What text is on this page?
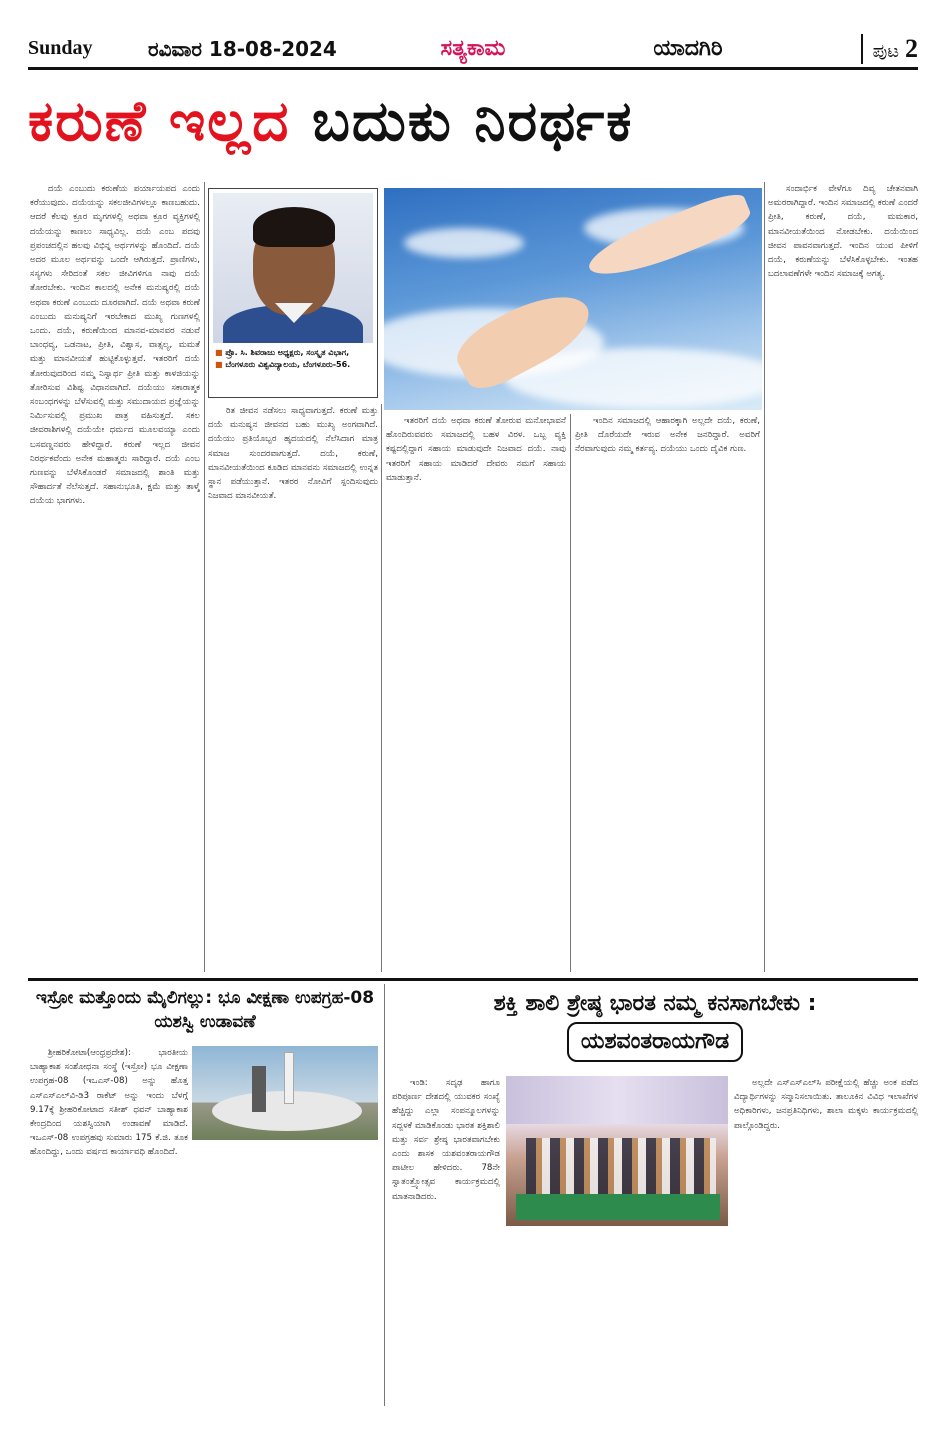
Sunday	ರವಿವಾರ 18-08-2024	ಸತ್ಯಕಾಮ	ಯಾದಗಿರಿ	ಪುಟ 2
ಕರುಣೆ ಇಲ್ಲದ ಬದುಕು ನಿರರ್ಥಕ

ದಯೆ ಎಂಬುದು ಕರುಣೆಯ ಪರ್ಯಾಯಪದ ಎಂದು ಕರೆಯುವುದು. ದಯೆಯನ್ನು ಸಕಲಜೀವಿಗಳಲ್ಲೂ ಕಾಣಬಹುದು. ಆದರೆ ಕೆಲವು ಕ್ರೂರ ಮೃಗಗಳಲ್ಲಿ ಅಥವಾ ಕ್ರೂರ ವ್ಯಕ್ತಿಗಳಲ್ಲಿ ದಯೆಯನ್ನು ಕಾಣಲು ಸಾಧ್ಯವಿಲ್ಲ. ದಯೆ ಎಂಬ ಪದವು ಪ್ರಪಂಚದಲ್ಲಿನ ಹಲವು ವಿಭಿನ್ನ ಅರ್ಥಗಳನ್ನು ಹೊಂದಿದೆ. ದಯೆ ಅದರ ಮೂಲ ಅರ್ಥವನ್ನು ಒಂದೇ ಆಗಿರುತ್ತದೆ. ಪ್ರಾಣಿಗಳು, ಸಸ್ಯಗಳು ಸೇರಿದಂತೆ ಸಕಲ ಜೀವಿಗಳಿಗೂ ನಾವು ದಯೆ ತೋರಬೇಕು. ಇಂದಿನ ಕಾಲದಲ್ಲಿ ಅನೇಕ ಮನುಷ್ಯರಲ್ಲಿ ದಯೆ ಅಥವಾ ಕರುಣೆ ಎಂಬುದು ದೂರವಾಗಿದೆ. ದಯೆ ಅಥವಾ ಕರುಣೆ ಎಂಬುದು ಮನುಷ್ಯನಿಗೆ ಇರಬೇಕಾದ ಮುಖ್ಯ ಗುಣಗಳಲ್ಲಿ ಒಂದು. ದಯೆ, ಕರುಣೆಯಿಂದ ಮಾನವ-ಮಾನವರ ನಡುವೆ ಬಾಂಧವ್ಯ, ಒಡನಾಟ, ಪ್ರೀತಿ, ವಿಶ್ವಾಸ, ವಾತ್ಸಲ್ಯ, ಮಮತೆ ಮತ್ತು ಮಾನವೀಯತೆ ಹುಟ್ಟಿಕೊಳ್ಳುತ್ತವೆ. ಇತರರಿಗೆ ದಯೆ ತೋರುವುದರಿಂದ ನಮ್ಮ ನಿಸ್ವಾರ್ಥ ಪ್ರೀತಿ ಮತ್ತು ಕಾಳಜಿಯನ್ನು ತೋರಿಸುವ ವಿಶಿಷ್ಟ ವಿಧಾನವಾಗಿದೆ. ದಯೆಯು ಸಕಾರಾತ್ಮಕ ಸಂಬಂಧಗಳನ್ನು ಬೆಳೆಸುವಲ್ಲಿ ಮತ್ತು ಸಮುದಾಯದ ಪ್ರಜ್ಞೆಯನ್ನು ನಿರ್ಮಿಸುವಲ್ಲಿ ಪ್ರಮುಖ ಪಾತ್ರ ವಹಿಸುತ್ತದೆ. ಸಕಲ ಜೀವರಾಶಿಗಳಲ್ಲಿ ದಯೆಯೇ ಧರ್ಮದ ಮೂಲವಯ್ಯಾ ಎಂದು ಬಸವಣ್ಣನವರು ಹೇಳಿದ್ದಾರೆ. ಕರುಣೆ ಇಲ್ಲದ ಜೀವನ ನಿರರ್ಥಕವೆಂದು ಅನೇಕ ಮಹಾತ್ಮರು ಸಾರಿದ್ದಾರೆ. ದಯೆ ಎಂಬ ಗುಣವನ್ನು ಬೆಳೆಸಿಕೊಂಡರೆ ಸಮಾಜದಲ್ಲಿ ಶಾಂತಿ ಮತ್ತು ಸೌಹಾರ್ದತೆ ನೆಲೆಸುತ್ತದೆ. ಸಹಾನುಭೂತಿ, ಕ್ಷಮೆ ಮತ್ತು ತಾಳ್ಮೆ ದಯೆಯ ಭಾಗಗಳು.

■ ಪ್ರೊ. ಸಿ. ಶಿವರಾಜು ಅಧ್ಯಕ್ಷರು, ಸಂಸ್ಕೃತ ವಿಭಾಗ,
■ ಬೆಂಗಳೂರು ವಿಶ್ವವಿದ್ಯಾಲಯ, ಬೆಂಗಳೂರು-56.

ರಿತ ಜೀವನ ನಡೆಸಲು ಸಾಧ್ಯವಾಗುತ್ತದೆ. ಕರುಣೆ ಮತ್ತು ದಯೆ ಮನುಷ್ಯನ ಜೀವನದ ಬಹು ಮುಖ್ಯ ಅಂಗವಾಗಿದೆ. ದಯೆಯು ಪ್ರತಿಯೊಬ್ಬರ ಹೃದಯದಲ್ಲಿ ನೆಲೆಸಿದಾಗ ಮಾತ್ರ ಸಮಾಜ ಸುಂದರವಾಗುತ್ತದೆ. ದಯೆ, ಕರುಣೆ, ಮಾನವೀಯತೆಯಿಂದ ಕೂಡಿದ ಮಾನವನು ಸಮಾಜದಲ್ಲಿ ಉನ್ನತ ಸ್ಥಾನ ಪಡೆಯುತ್ತಾನೆ. ಇತರರ ನೋವಿಗೆ ಸ್ಪಂದಿಸುವುದು ನಿಜವಾದ ಮಾನವೀಯತೆ.

ಇತರರಿಗೆ ದಯೆ ಅಥವಾ ಕರುಣೆ ತೋರುವ ಮನೋಭಾವನೆ ಹೊಂದಿರುವವರು ಸಮಾಜದಲ್ಲಿ ಬಹಳ ವಿರಳ. ಒಬ್ಬ ವ್ಯಕ್ತಿ ಕಷ್ಟದಲ್ಲಿದ್ದಾಗ ಸಹಾಯ ಮಾಡುವುದೇ ನಿಜವಾದ ದಯೆ. ನಾವು ಇತರರಿಗೆ ಸಹಾಯ ಮಾಡಿದರೆ ದೇವರು ನಮಗೆ ಸಹಾಯ ಮಾಡುತ್ತಾನೆ.

ಇಂದಿನ ಸಮಾಜದಲ್ಲಿ ಆಹಾರಕ್ಕಾಗಿ ಅಲ್ಲದೇ ದಯೆ, ಕರುಣೆ, ಪ್ರೀತಿ ದೊರೆಯದೇ ಇರುವ ಅನೇಕ ಜನರಿದ್ದಾರೆ. ಅವರಿಗೆ ನೆರವಾಗುವುದು ನಮ್ಮ ಕರ್ತವ್ಯ. ದಯೆಯು ಒಂದು ದೈವಿಕ ಗುಣ.

ಸಂದಾರ್ಭಿಕ ವೇಳೆಗೂ ದಿವ್ಯ ಚೇತನವಾಗಿ ಅಮರರಾಗಿದ್ದಾರೆ. ಇಂದಿನ ಸಮಾಜದಲ್ಲಿ ಕರುಣೆ ಎಂದರೆ ಪ್ರೀತಿ, ಕರುಣೆ, ದಯೆ, ಮಮಕಾರ, ಮಾನವೀಯತೆಯಿಂದ ನೋಡಬೇಕು. ದಯೆಯಿಂದ ಜೀವನ ಪಾವನವಾಗುತ್ತದೆ. ಇಂದಿನ ಯುವ ಪೀಳಿಗೆ ದಯೆ, ಕರುಣೆಯನ್ನು ಬೆಳೆಸಿಕೊಳ್ಳಬೇಕು. ಇಂತಹ ಬದಲಾವಣೆಗಳೇ ಇಂದಿನ ಸಮಾಜಕ್ಕೆ ಅಗತ್ಯ.

ಇಸ್ರೋ ಮತ್ತೊಂದು ಮೈಲಿಗಲ್ಲು: ಭೂ ವೀಕ್ಷಣಾ ಉಪಗ್ರಹ-08 ಯಶಸ್ವಿ ಉಡಾವಣೆ

ಶ್ರೀಹರಿಕೋಟಾ(ಆಂಧ್ರಪ್ರದೇಶ): ಭಾರತೀಯ ಬಾಹ್ಯಾಕಾಶ ಸಂಶೋಧನಾ ಸಂಸ್ಥೆ (ಇಸ್ರೋ) ಭೂ ವೀಕ್ಷಣಾ ಉಪಗ್ರಹ-08 (ಇಒಎಸ್-08) ಅನ್ನು ಹೊತ್ತ ಎಸ್‌ಎಸ್‌ಎಲ್‌ವಿ-ಡಿ3 ರಾಕೆಟ್ ಅನ್ನು ಇಂದು ಬೆಳಗ್ಗೆ 9.17ಕ್ಕೆ ಶ್ರೀಹರಿಕೋಟಾದ ಸತೀಶ್ ಧವನ್ ಬಾಹ್ಯಾಕಾಶ ಕೇಂದ್ರದಿಂದ ಯಶಸ್ವಿಯಾಗಿ ಉಡಾವಣೆ ಮಾಡಿದೆ. ಇಒಎಸ್-08 ಉಪಗ್ರಹವು ಸುಮಾರು 175 ಕೆ.ಜಿ. ತೂಕ ಹೊಂದಿದ್ದು, ಒಂದು ವರ್ಷದ ಕಾರ್ಯಾವಧಿ ಹೊಂದಿದೆ.

ಶಕ್ತಿ ಶಾಲಿ ಶ್ರೇಷ್ಠ ಭಾರತ ನಮ್ಮ ಕನಸಾಗಬೇಕು :
ಯಶವಂತರಾಯಗೌಡ

ಇಂಡಿ: ಸದೃಢ ಹಾಗೂ ಪರಿಪೂರ್ಣ ದೇಶದಲ್ಲಿ ಯುವಕರ ಸಂಖ್ಯೆ ಹೆಚ್ಚಿದ್ದು ಎಲ್ಲಾ ಸಂಪನ್ಮೂಲಗಳನ್ನು ಸದ್ಬಳಕೆ ಮಾಡಿಕೊಂಡು ಭಾರತ ಶಕ್ತಿಶಾಲಿ ಮತ್ತು ಸರ್ವ ಶ್ರೇಷ್ಠ ಭಾರತವಾಗಬೇಕು ಎಂದು ಶಾಸಕ ಯಶವಂತರಾಯಗೌಡ ಪಾಟೀಲ ಹೇಳಿದರು. 78ನೇ ಸ್ವಾತಂತ್ರ್ಯೋತ್ಸವ ಕಾರ್ಯಕ್ರಮದಲ್ಲಿ ಮಾತನಾಡಿದರು.

ಅಲ್ಲದೇ ಎಸ್ಎಸ್ಎಲ್‌ಸಿ ಪರೀಕ್ಷೆಯಲ್ಲಿ ಹೆಚ್ಚು ಅಂಕ ಪಡೆದ ವಿದ್ಯಾರ್ಥಿಗಳನ್ನು ಸನ್ಮಾನಿಸಲಾಯಿತು. ತಾಲೂಕಿನ ವಿವಿಧ ಇಲಾಖೆಗಳ ಅಧಿಕಾರಿಗಳು, ಜನಪ್ರತಿನಿಧಿಗಳು, ಶಾಲಾ ಮಕ್ಕಳು ಕಾರ್ಯಕ್ರಮದಲ್ಲಿ ಪಾಲ್ಗೊಂಡಿದ್ದರು.
